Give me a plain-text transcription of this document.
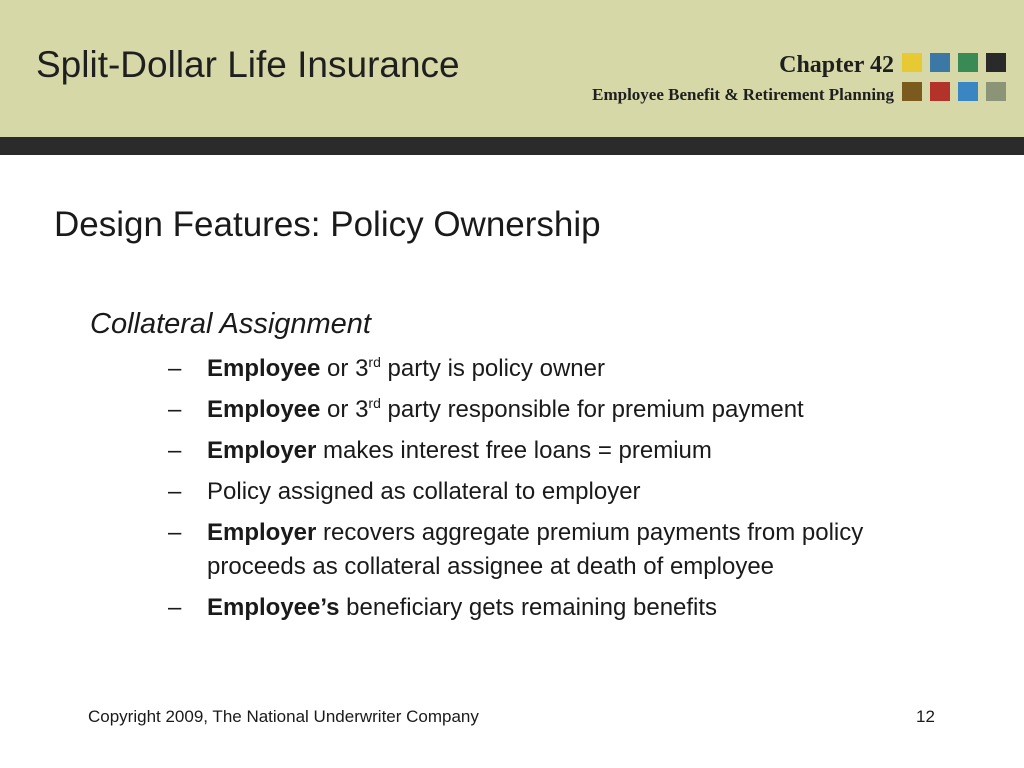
Split-Dollar Life Insurance	Chapter 42
Employee Benefit & Retirement Planning
Design Features: Policy Ownership
Collateral Assignment
– Employee or 3rd party is policy owner
– Employee or 3rd party responsible for premium payment
– Employer makes interest free loans = premium
– Policy assigned as collateral to employer
– Employer recovers aggregate premium payments from policy proceeds as collateral assignee at death of employee
– Employee’s beneficiary gets remaining benefits
Copyright 2009, The National Underwriter Company	12
